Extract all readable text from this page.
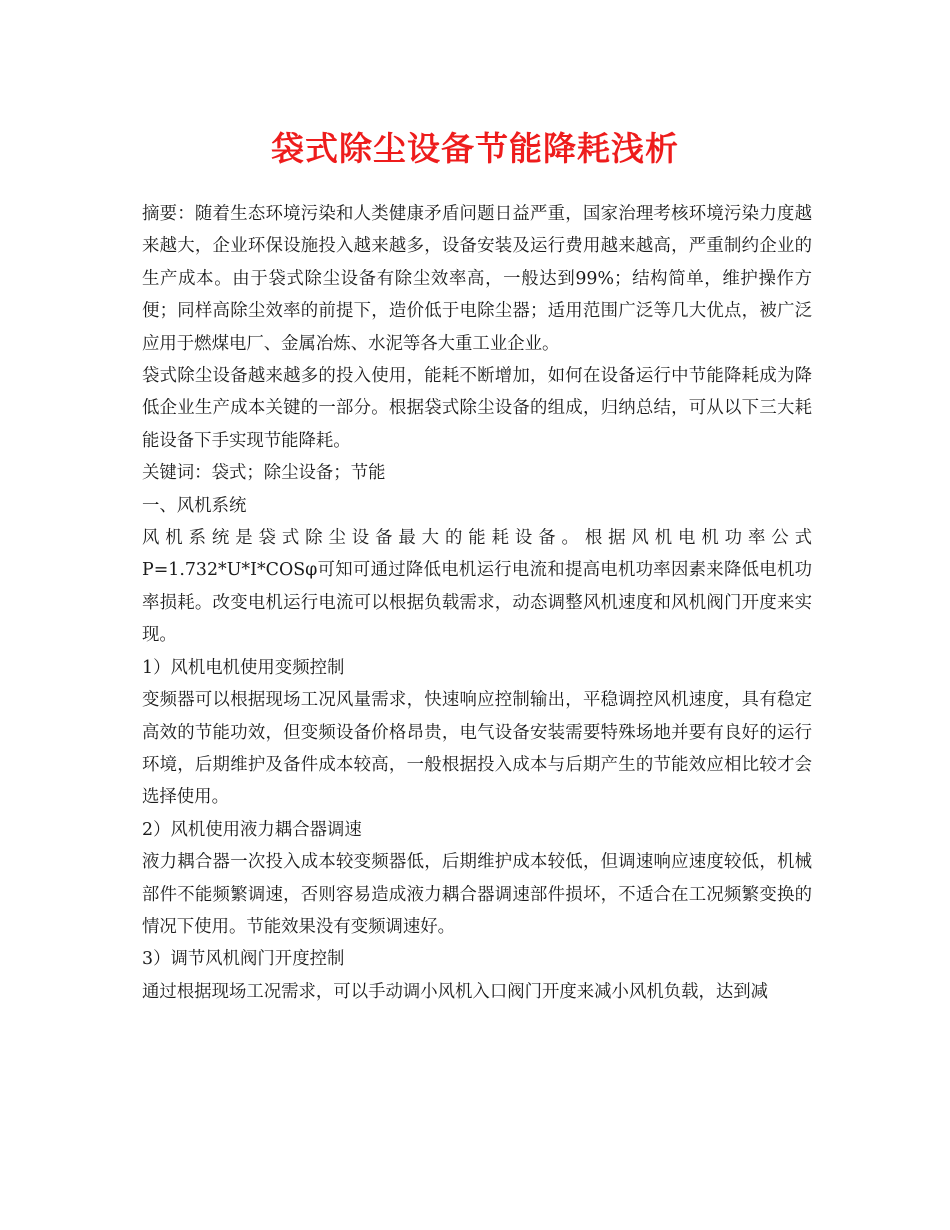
袋式除尘设备节能降耗浅析

摘要：随着生态环境污染和人类健康矛盾问题日益严重，国家治理考核环境污染力度越来越大，企业环保设施投入越来越多，设备安装及运行费用越来越高，严重制约企业的生产成本。由于袋式除尘设备有除尘效率高，一般达到99%；结构简单，维护操作方便；同样高除尘效率的前提下，造价低于电除尘器；适用范围广泛等几大优点，被广泛应用于燃煤电厂、金属冶炼、水泥等各大重工业企业。

袋式除尘设备越来越多的投入使用，能耗不断增加，如何在设备运行中节能降耗成为降低企业生产成本关键的一部分。根据袋式除尘设备的组成，归纳总结，可从以下三大耗能设备下手实现节能降耗。

关键词：袋式；除尘设备；节能

一、风机系统

风机系统是袋式除尘设备最大的能耗设备。根据风机电机功率公式P=1.732*U*I*COSφ可知可通过降低电机运行电流和提高电机功率因素来降低电机功率损耗。改变电机运行电流可以根据负载需求，动态调整风机速度和风机阀门开度来实现。

1）风机电机使用变频控制

变频器可以根据现场工况风量需求，快速响应控制输出，平稳调控风机速度，具有稳定高效的节能功效，但变频设备价格昂贵，电气设备安装需要特殊场地并要有良好的运行环境，后期维护及备件成本较高，一般根据投入成本与后期产生的节能效应相比较才会选择使用。

2）风机使用液力耦合器调速

液力耦合器一次投入成本较变频器低，后期维护成本较低，但调速响应速度较低，机械部件不能频繁调速，否则容易造成液力耦合器调速部件损坏，不适合在工况频繁变换的情况下使用。节能效果没有变频调速好。

3）调节风机阀门开度控制

通过根据现场工况需求，可以手动调小风机入口阀门开度来减小风机负载，达到减
